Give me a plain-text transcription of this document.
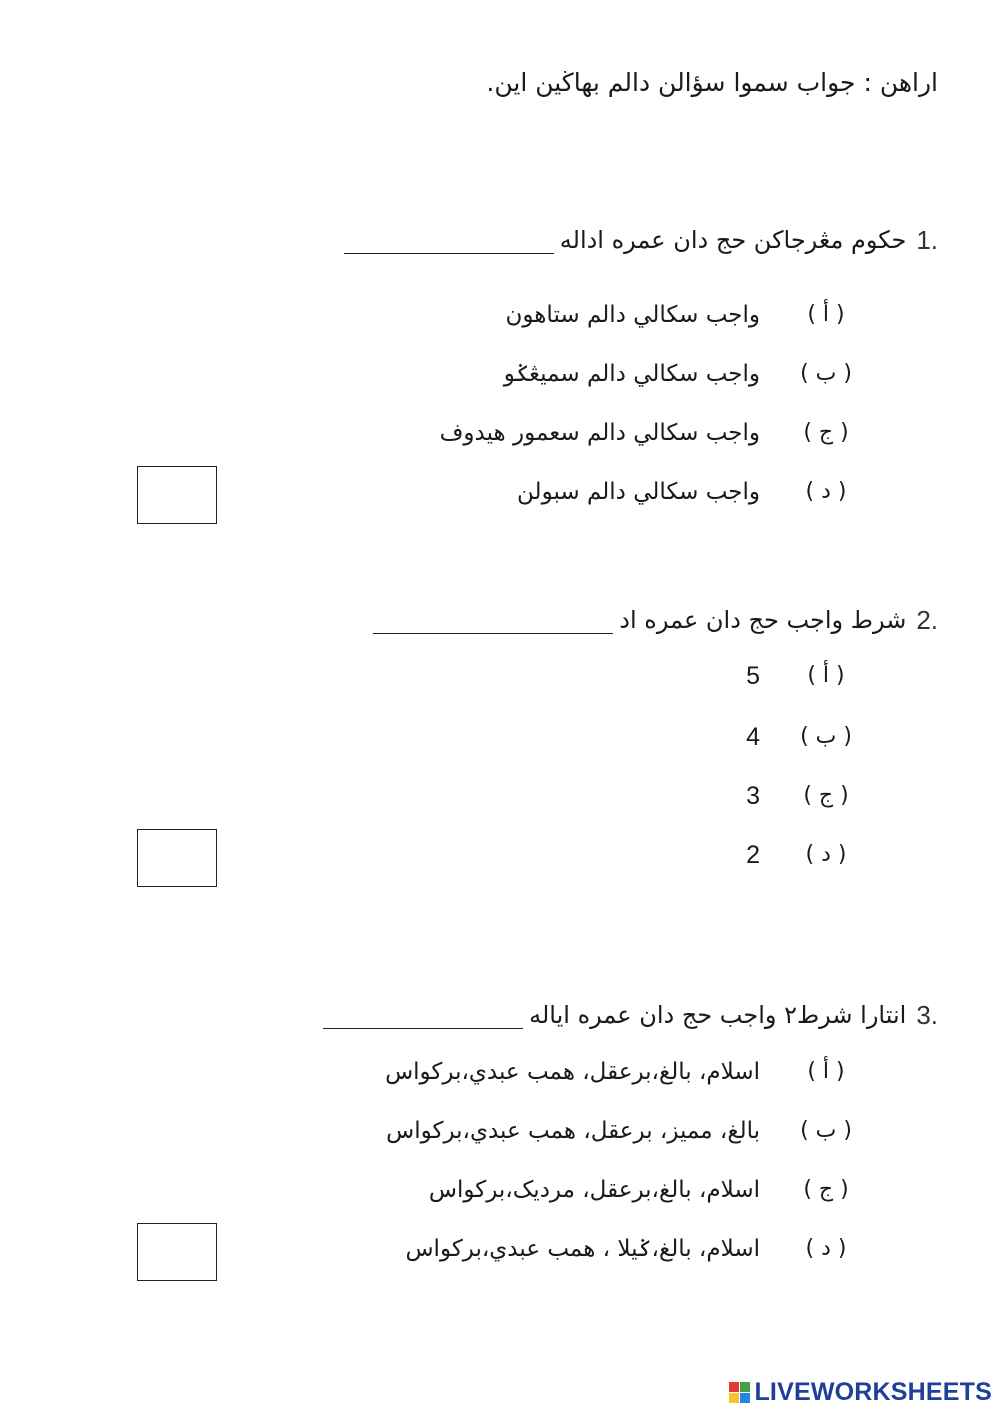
اراهن : جواب سموا سؤالن دالم بهاڬين اين.
1.
حكوم مڠرجاكن حج دان عمره اداله
( أ )
واجب سكالي دالم ستاهون
( ب )
واجب سكالي دالم سميڠݢو
( ج )
واجب سكالي دالم سعمور هيدوف
( د )
واجب سكالي دالم سبولن
2.
شرط واجب حج دان عمره اد
( أ )
5
( ب )
4
( ج )
3
( د )
2
3.
انتارا شرط٢ واجب حج دان عمره اياله
( أ )
اسلام، بالغ،برعقل، همب عبدي،بركواس
( ب )
بالغ، مميز، برعقل، همب عبدي،بركواس
( ج )
اسلام، بالغ،برعقل، مرديک،بركواس
( د )
اسلام، بالغ،ݢيلا ، همب عبدي،بركواس
LIVEWORKSHEETS
